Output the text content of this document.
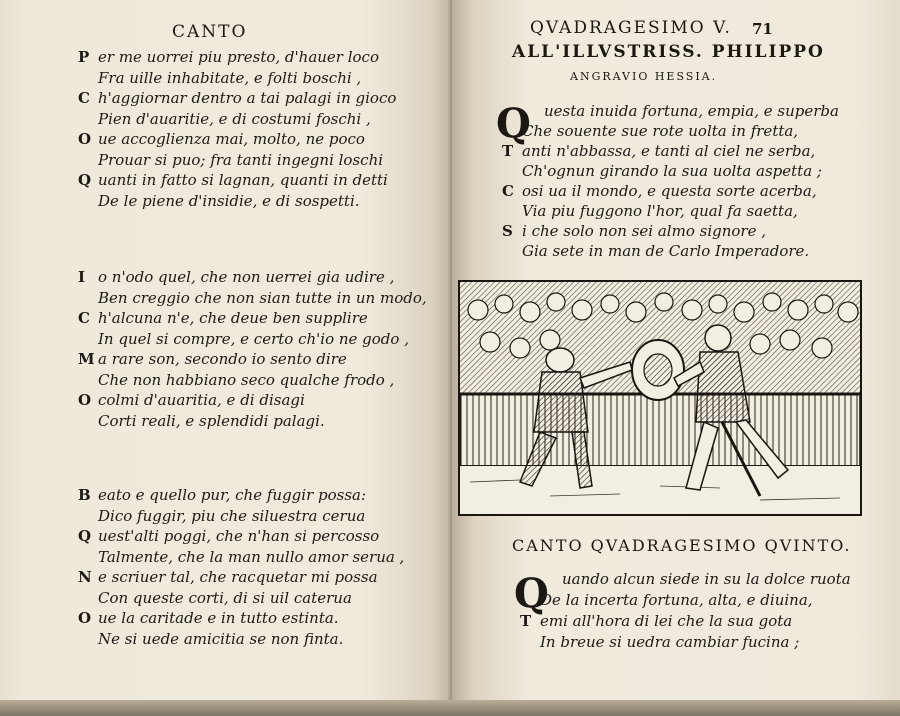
CANTO
P er me uorrei piu presto, d'hauer loco
Fra uille inhabitate, e folti boschi ,
C h'aggiornar dentro a tai palagi in gioco
Pien d'auaritie, e di costumi foschi ,
O ue accoglienza mai, molto, ne poco
Prouar si puo; fra tanti ingegni loschi
Q uanti in fatto si lagnan, quanti in detti
De le piene d'insidie, e di sospetti.
I o n'odo quel, che non uerrei gia udire ,
Ben creggio che non sian tutte in un modo,
C h'alcuna n'e, che deue ben supplire
In quel si compre, e certo ch'io ne godo ,
M a rare son, secondo io sento dire
Che non habbiano seco qualche frodo ,
O colmi d'auaritia, e di disagi
Corti reali, e splendidi palagi.
B eato e quello pur, che fuggir possa:
Dico fuggir, piu che siluestra cerua
Q uest'alti poggi, che n'han si percosso
Talmente, che la man nullo amor serua ,
N e scriuer tal, che racquetar mi possa
Con queste corti, di si uil caterua
O ue la caritade e in tutto estinta.
Ne si uede amicitia se non finta.
QVADRAGESIMO V. 71
ALL'ILLVSTRISS. PHILIPPO
ANGRAVIO HESSIA.
Q uesta inuida fortuna, empia, e superba
Che souente sue rote uolta in fretta,
T anti n'abbassa, e tanti al ciel ne serba,
Ch'ognun girando la sua uolta aspetta ;
C osi ua il mondo, e questa sorte acerba,
Via piu fuggono l'hor, qual fa saetta,
S i che solo non sei almo signore ,
Gia sete in man de Carlo Imperadore.
CANTO QVADRAGESIMO QVINTO.
Q uando alcun siede in su la dolce ruota
De la incerta fortuna, alta, e diuina,
T emi all'hora di lei che la sua gota
In breue si uedra cambiar fucina ;
